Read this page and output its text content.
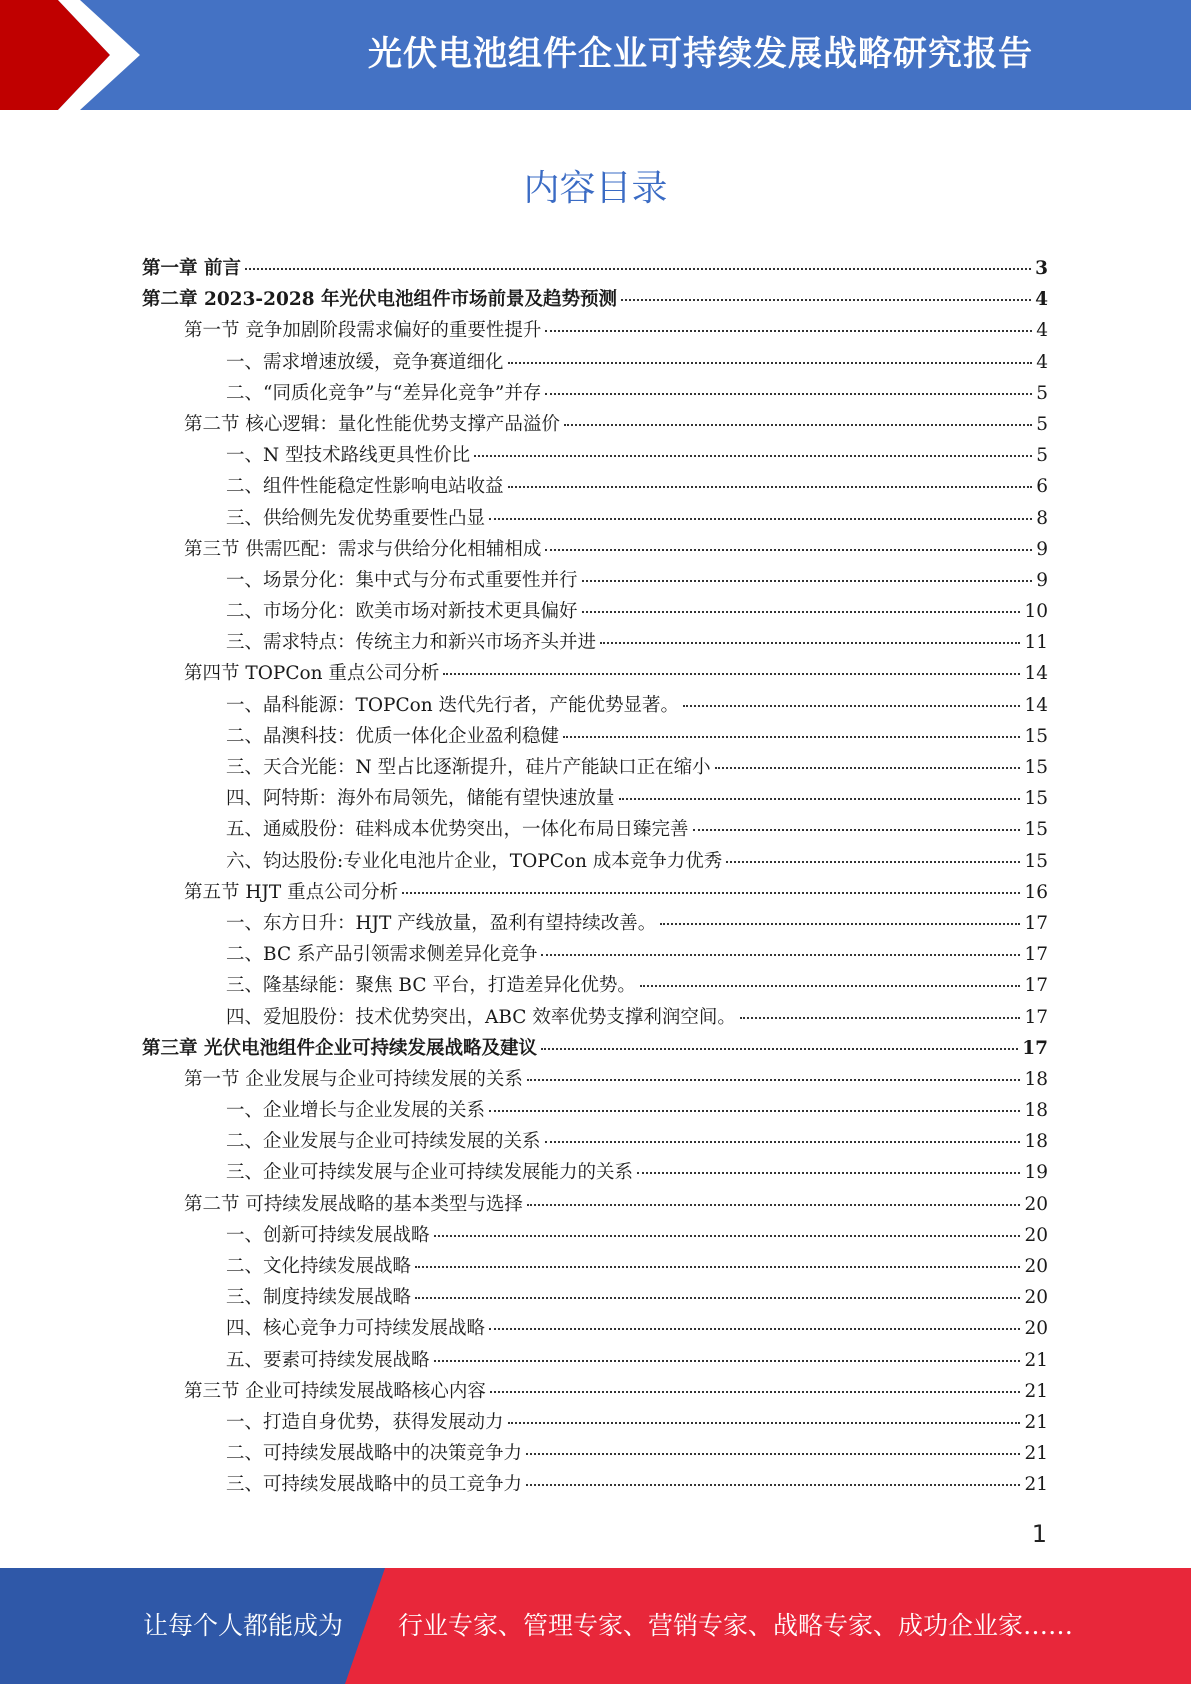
光伏电池组件企业可持续发展战略研究报告
内容目录
第一章 前言	3
第二章 2023-2028 年光伏电池组件市场前景及趋势预测	4
第一节 竞争加剧阶段需求偏好的重要性提升	4
一、需求增速放缓，竞争赛道细化	4
二、“同质化竞争”与“差异化竞争”并存	5
第二节 核心逻辑：量化性能优势支撑产品溢价	5
一、N 型技术路线更具性价比	5
二、组件性能稳定性影响电站收益	6
三、供给侧先发优势重要性凸显	8
第三节 供需匹配：需求与供给分化相辅相成	9
一、场景分化：集中式与分布式重要性并行	9
二、市场分化：欧美市场对新技术更具偏好	10
三、需求特点：传统主力和新兴市场齐头并进	11
第四节 TOPCon 重点公司分析	14
一、晶科能源：TOPCon 迭代先行者，产能优势显著。	14
二、晶澳科技：优质一体化企业盈利稳健	15
三、天合光能：N 型占比逐渐提升，硅片产能缺口正在缩小	15
四、阿特斯：海外布局领先，储能有望快速放量	15
五、通威股份：硅料成本优势突出，一体化布局日臻完善	15
六、钧达股份:专业化电池片企业，TOPCon 成本竞争力优秀	15
第五节 HJT 重点公司分析	16
一、东方日升：HJT 产线放量，盈利有望持续改善。	17
二、BC 系产品引领需求侧差异化竞争	17
三、隆基绿能：聚焦 BC 平台，打造差异化优势。	17
四、爱旭股份：技术优势突出，ABC 效率优势支撑利润空间。	17
第三章 光伏电池组件企业可持续发展战略及建议	17
第一节 企业发展与企业可持续发展的关系	18
一、企业增长与企业发展的关系	18
二、企业发展与企业可持续发展的关系	18
三、企业可持续发展与企业可持续发展能力的关系	19
第二节 可持续发展战略的基本类型与选择	20
一、创新可持续发展战略	20
二、文化持续发展战略	20
三、制度持续发展战略	20
四、核心竞争力可持续发展战略	20
五、要素可持续发展战略	21
第三节 企业可持续发展战略核心内容	21
一、打造自身优势，获得发展动力	21
二、可持续发展战略中的决策竞争力	21
三、可持续发展战略中的员工竞争力	21
1
让每个人都能成为 行业专家、管理专家、营销专家、战略专家、成功企业家……
